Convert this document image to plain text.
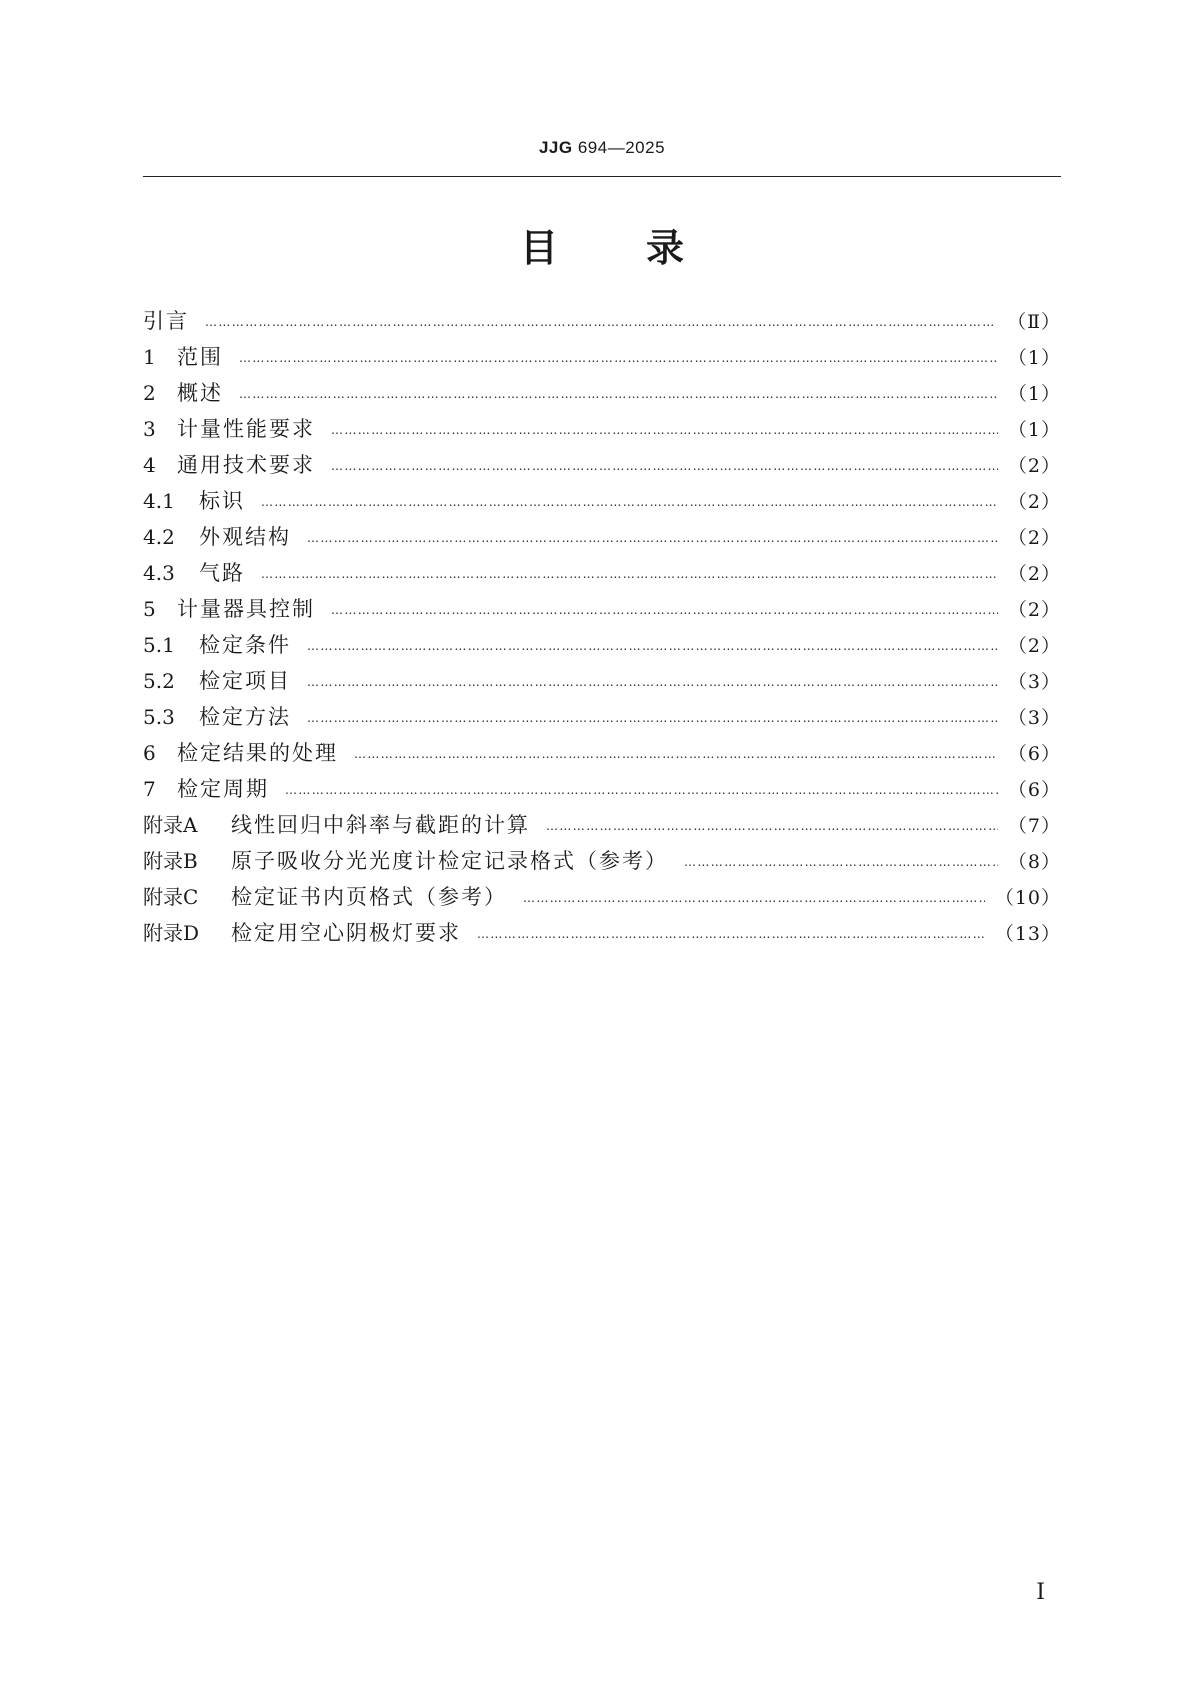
JJG 694—2025
目录
引言 …………………………………………………………………………………………………………………………………………………………………………………………………………………………	（Ⅱ）
1	范围 …………………………………………………………………………………………………………………………………………………………………………………………………………………………	（1）
2	概述 …………………………………………………………………………………………………………………………………………………………………………………………………………………………	（1）
3	计量性能要求 …………………………………………………………………………………………………………………………………………………………………………………………………………………………	（1）
4	通用技术要求 …………………………………………………………………………………………………………………………………………………………………………………………………………………………	（2）
4.1	标识 …………………………………………………………………………………………………………………………………………………………………………………………………………………………	（2）
4.2	外观结构 …………………………………………………………………………………………………………………………………………………………………………………………………………………………	（2）
4.3	气路 …………………………………………………………………………………………………………………………………………………………………………………………………………………………	（2）
5	计量器具控制 …………………………………………………………………………………………………………………………………………………………………………………………………………………………	（2）
5.1	检定条件 …………………………………………………………………………………………………………………………………………………………………………………………………………………………	（2）
5.2	检定项目 …………………………………………………………………………………………………………………………………………………………………………………………………………………………	（3）
5.3	检定方法 …………………………………………………………………………………………………………………………………………………………………………………………………………………………	（3）
6	检定结果的处理 …………………………………………………………………………………………………………………………………………………………………………………………………………………………	（6）
7	检定周期 …………………………………………………………………………………………………………………………………………………………………………………………………………………………	（6）
附录A	线性回归中斜率与截距的计算 …………………………………………………………………………………………………………………………………………………………………………………………………………………………	（7）
附录B	原子吸收分光光度计检定记录格式（参考） …………………………………………………………………………………………………………………………………………………………………………………………………………………………	（8）
附录C	检定证书内页格式（参考） …………………………………………………………………………………………………………………………………………………………………………………………………………………………	（10）
附录D	检定用空心阴极灯要求 …………………………………………………………………………………………………………………………………………………………………………………………………………………………	（13）
Ⅰ
